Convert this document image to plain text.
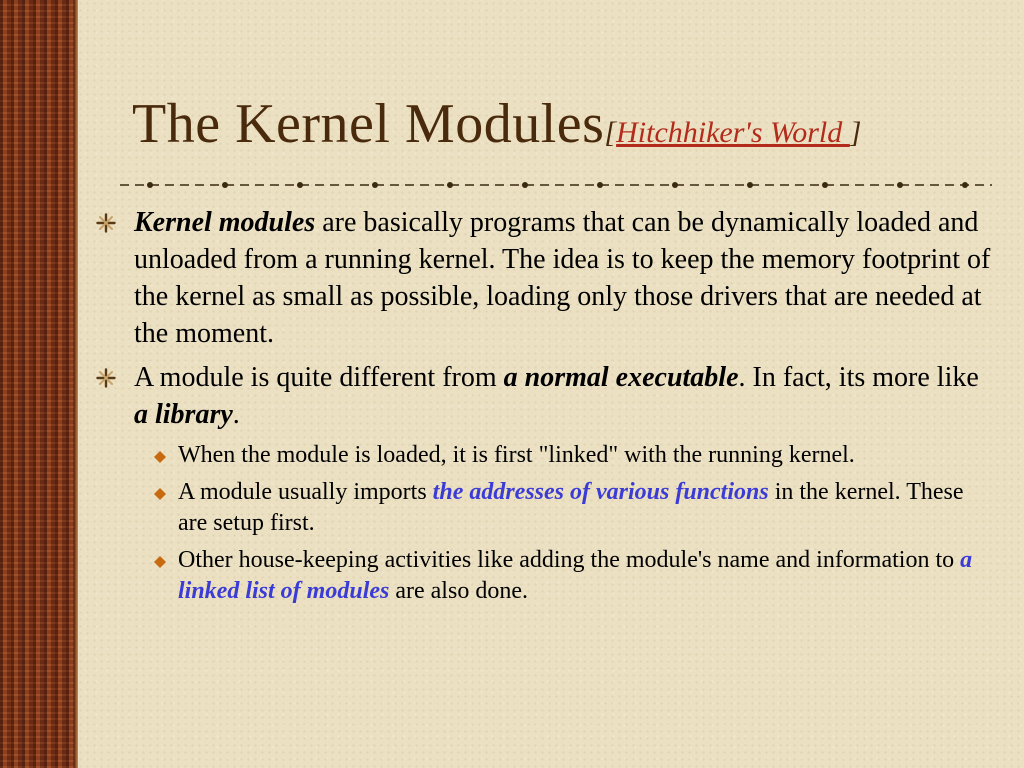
The Kernel Modules[Hitchhiker's World ]
Kernel modules are basically programs that can be dynamically loaded and unloaded from a running kernel. The idea is to keep the memory footprint of the kernel as small as possible, loading only those drivers that are needed at the moment.
A module is quite different from a normal executable. In fact, its more like a library.
When the module is loaded, it is first "linked" with the running kernel.
A module usually imports the addresses of various functions in the kernel. These are setup first.
Other house-keeping activities like adding the module's name and information to a linked list of modules are also done.
